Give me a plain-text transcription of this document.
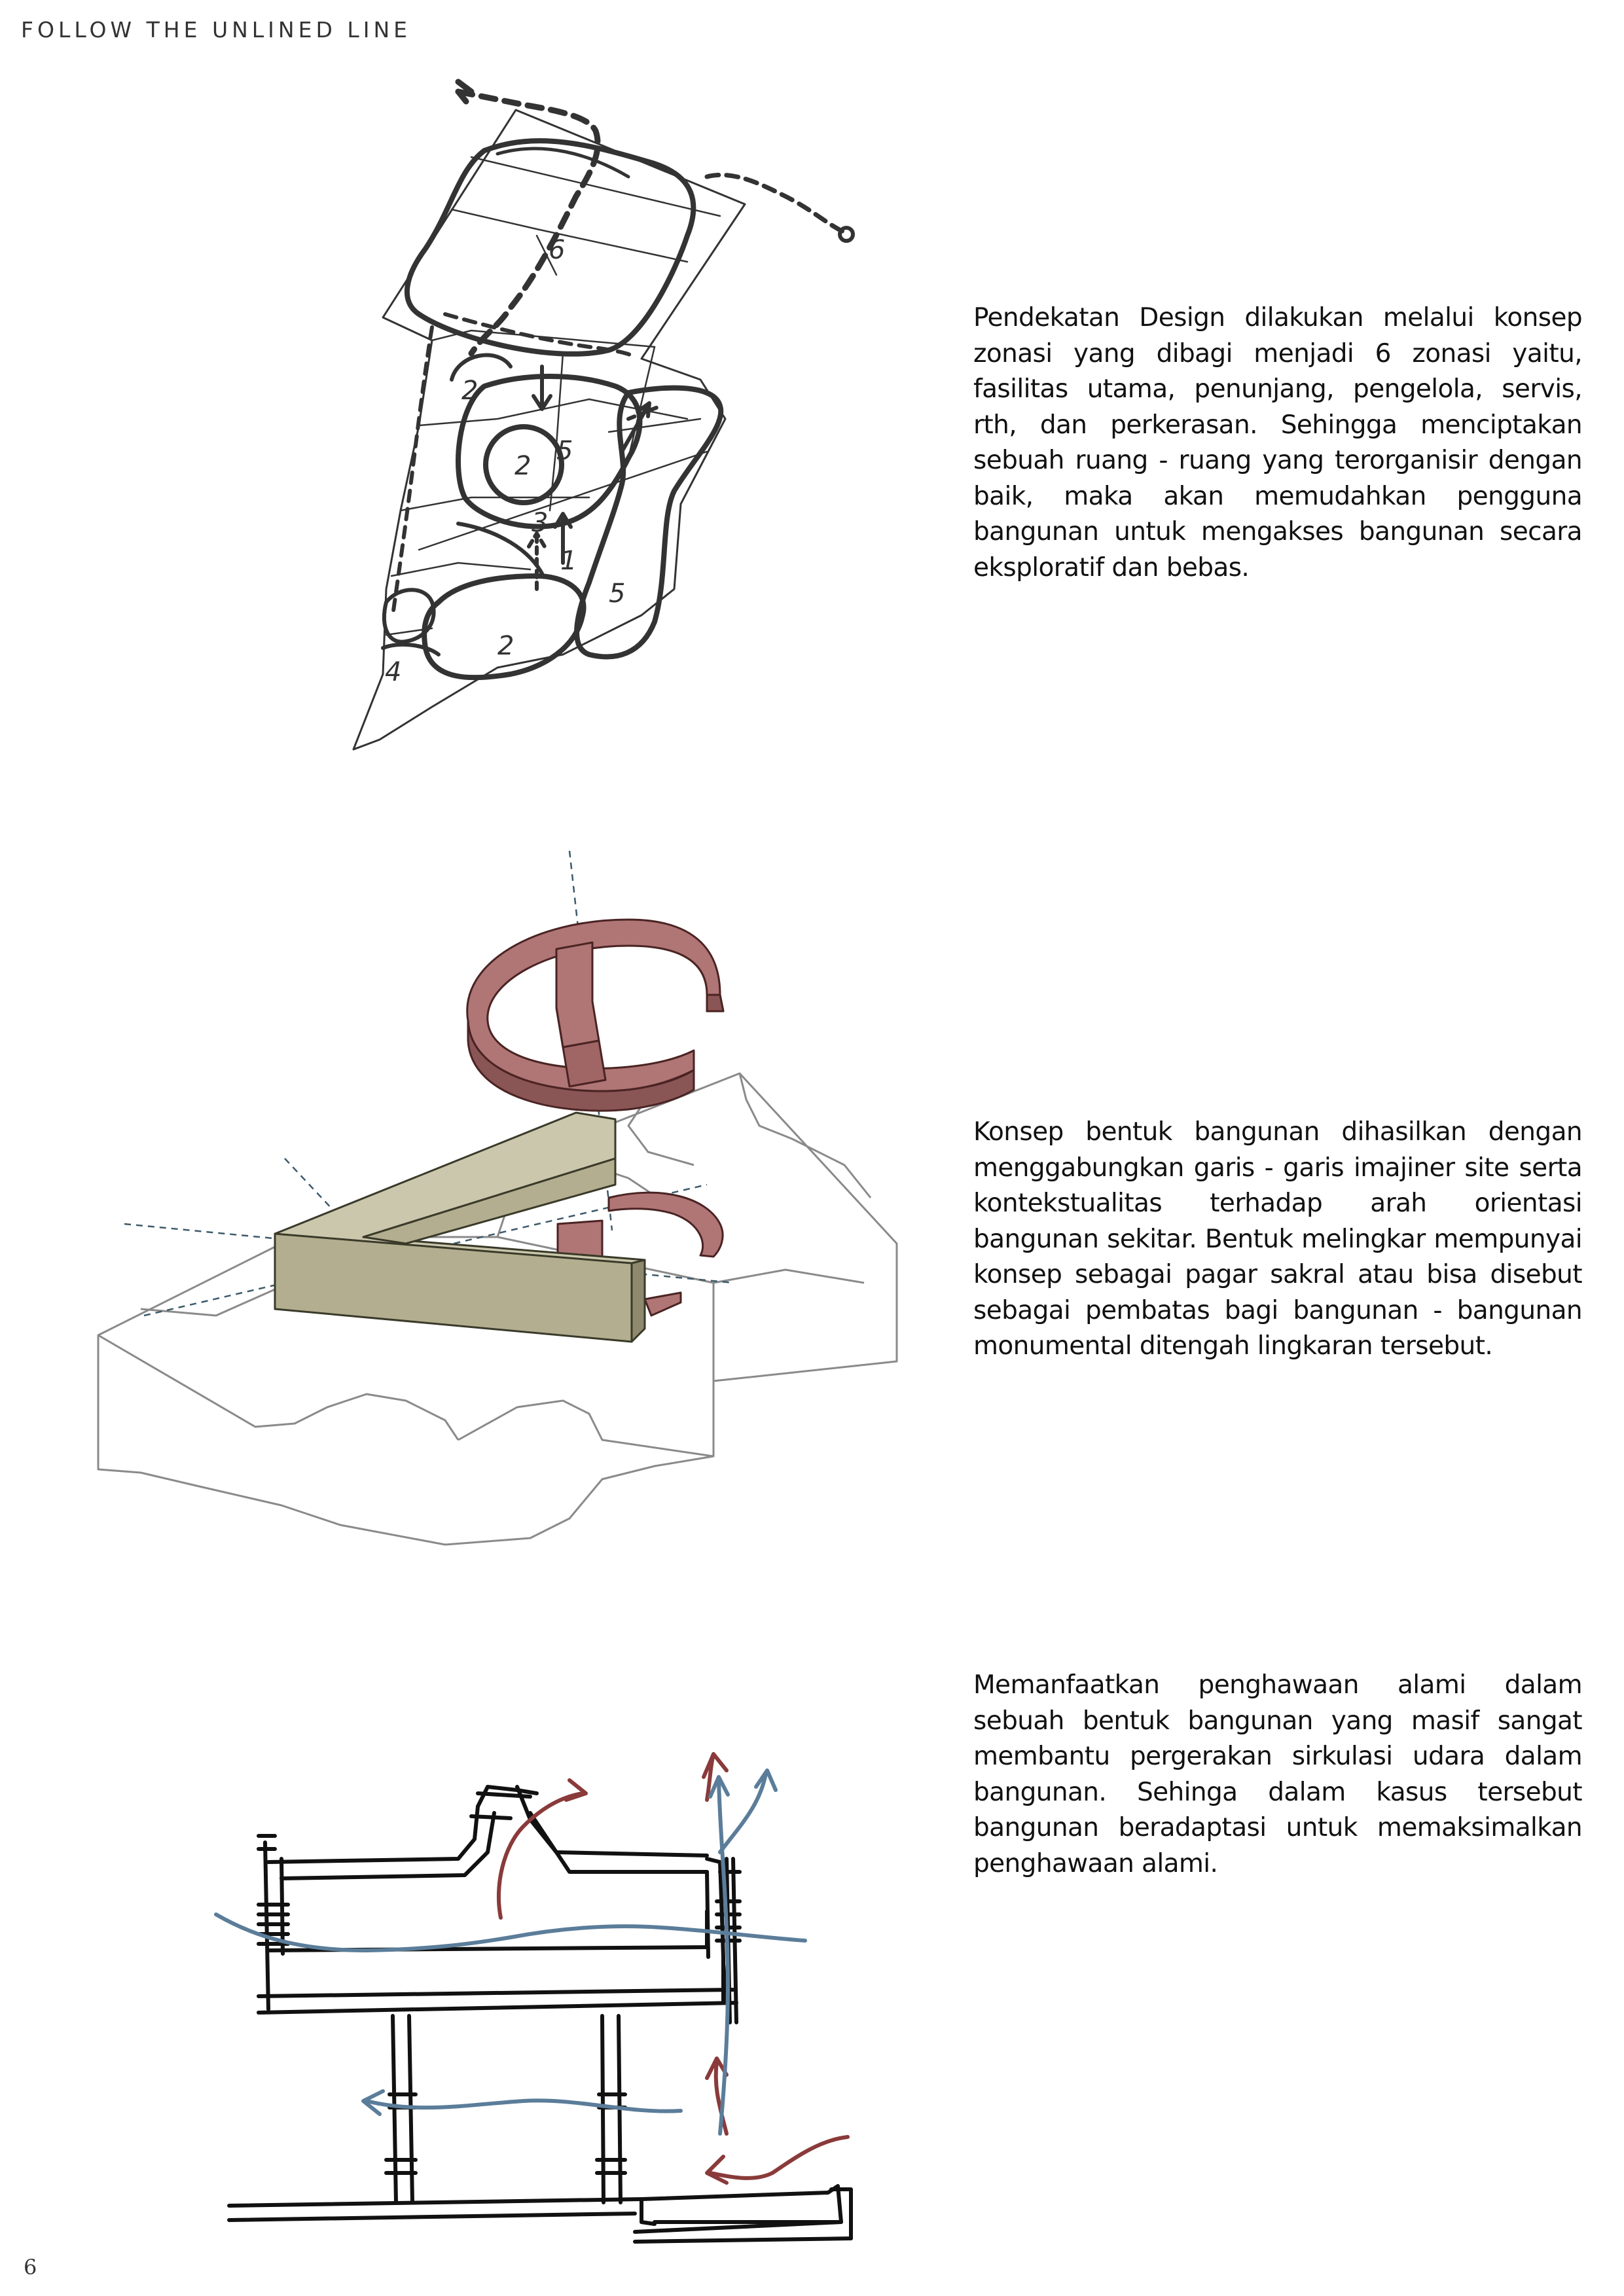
FOLLOW THE UNLINED LINE
6
2
2 5
3
1
5
4
2
Pendekatan Design dilakukan melalui konsep zonasi yang dibagi menjadi 6 zonasi yaitu, fasilitas utama, penunjang, pengelola, servis, rth, dan perkerasan. Sehingga menciptakan sebuah ruang - ruang yang terorganisir dengan baik, maka akan memudahkan pengguna bangunan untuk mengakses bangunan secara eksploratif dan bebas.
Konsep bentuk bangunan dihasilkan dengan menggabungkan garis - garis imajiner site serta kontekstualitas terhadap arah orientasi bangunan sekitar. Bentuk melingkar mempunyai konsep sebagai pagar sakral atau bisa disebut sebagai pembatas bagi bangunan - bangunan monumental ditengah lingkaran tersebut.
Memanfaatkan penghawaan alami dalam sebuah bentuk bangunan yang masif sangat membantu pergerakan sirkulasi udara dalam bangunan. Sehinga dalam kasus tersebut bangunan beradaptasi untuk memaksimalkan penghawaan alami.
6
